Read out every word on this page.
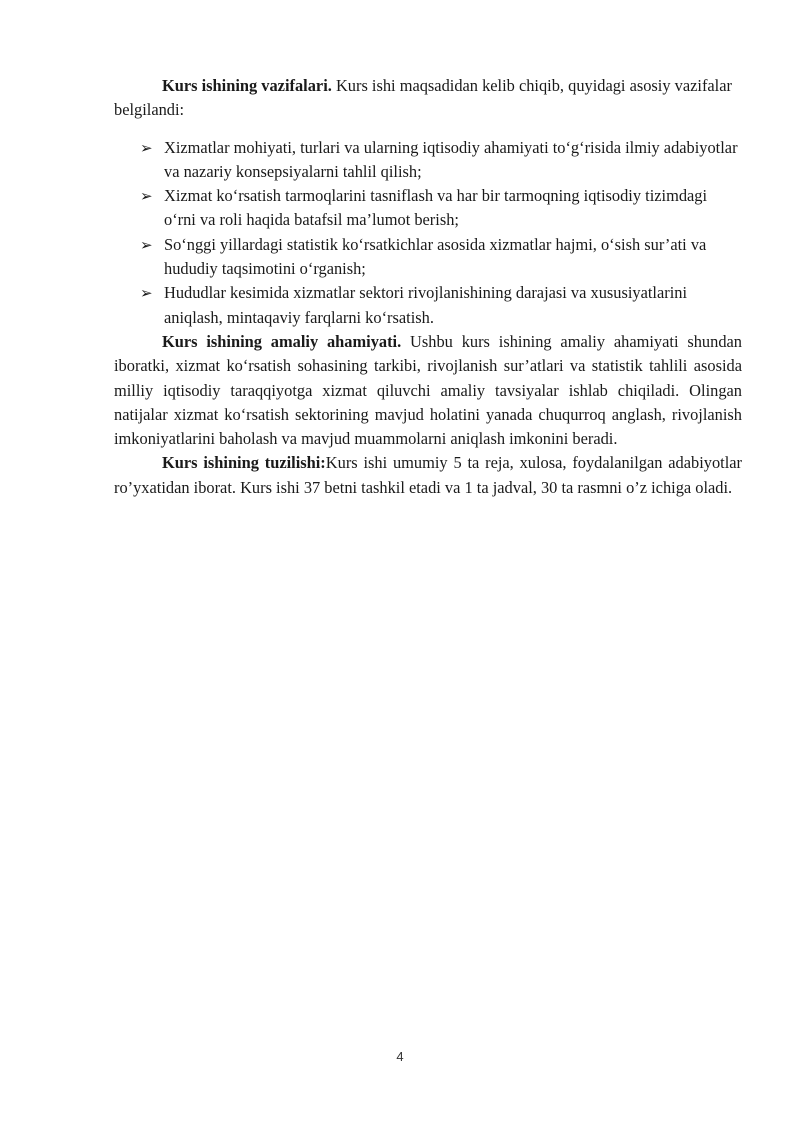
Kurs ishining vazifalari. Kurs ishi maqsadidan kelib chiqib, quyidagi asosiy vazifalar belgilandi:

➢ Xizmatlar mohiyati, turlari va ularning iqtisodiy ahamiyati to‘g‘risida ilmiy adabiyotlar va nazariy konsepsiyalarni tahlil qilish;
➢ Xizmat ko‘rsatish tarmoqlarini tasniflash va har bir tarmoqning iqtisodiy tizimdagi o‘rni va roli haqida batafsil ma’lumot berish;
➢ So‘nggi yillardagi statistik ko‘rsatkichlar asosida xizmatlar hajmi, o‘sish sur’ati va hududiy taqsimotini o‘rganish;
➢ Hududlar kesimida xizmatlar sektori rivojlanishining darajasi va xususiyatlarini aniqlash, mintaqaviy farqlarni ko‘rsatish.

Kurs ishining amaliy ahamiyati. Ushbu kurs ishining amaliy ahamiyati shundan iboratki, xizmat ko‘rsatish sohasining tarkibi, rivojlanish sur’atlari va statistik tahlili asosida milliy iqtisodiy taraqqiyotga xizmat qiluvchi amaliy tavsiyalar ishlab chiqiladi. Olingan natijalar xizmat ko‘rsatish sektorining mavjud holatini yanada chuqurroq anglash, rivojlanish imkoniyatlarini baholash va mavjud muammolarni aniqlash imkonini beradi.

Kurs ishining tuzilishi:Kurs ishi umumiy 5 ta reja, xulosa, foydalanilgan adabiyotlar ro’yxatidan iborat. Kurs ishi 37 betni tashkil etadi va 1 ta jadval, 30 ta rasmni o’z ichiga oladi.

4
